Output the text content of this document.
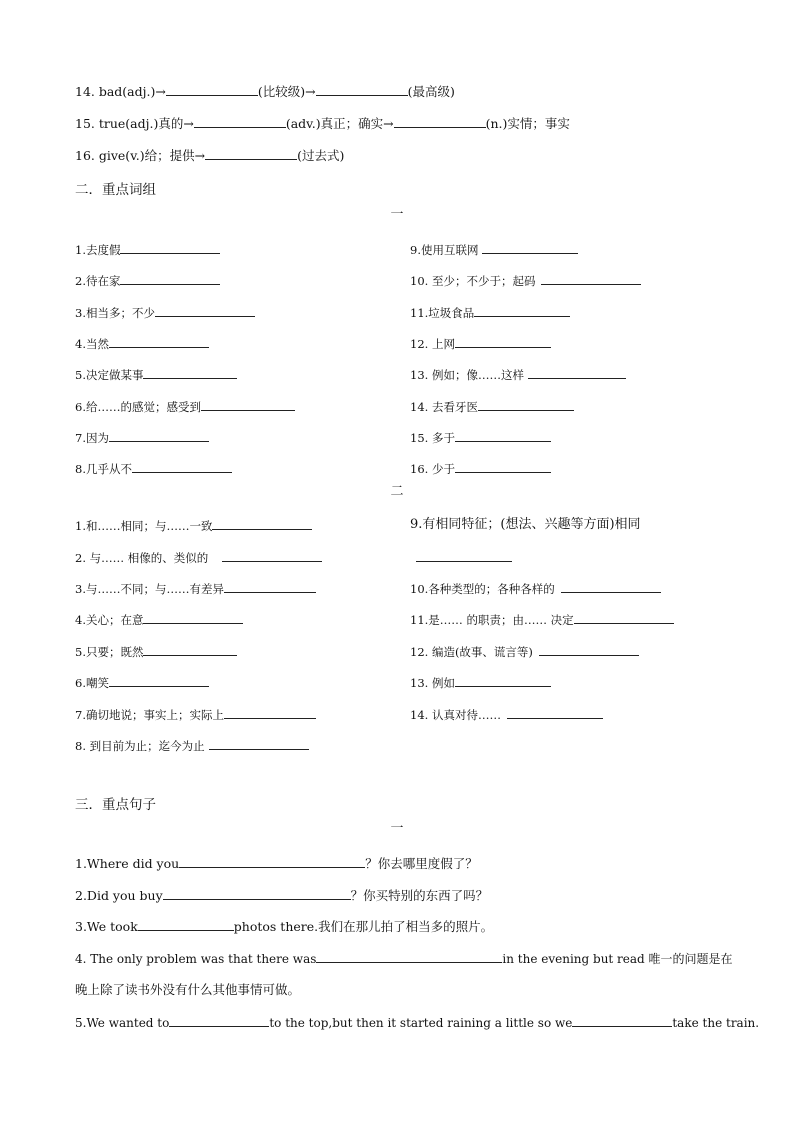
14. bad(adj.)→	(比较级)→	(最高级)
15. true(adj.)真的→	(adv.)真正；确实→	(n.)实情；事实
16. give(v.)给；提供→	(过去式)
二．重点词组
一
1.去度假
2.待在家
3.相当多；不少
4.当然
5.决定做某事
6.给……的感觉；感受到
7.因为
8.几乎从不
9.使用互联网
10. 至少；不少于；起码
11.垃圾食品
12. 上网
13. 例如；像……这样
14. 去看牙医
15. 多于
16. 少于
二
1.和……相同；与……一致
2. 与…… 相像的、类似的
3.与……不同；与……有差异
4.关心；在意
5.只要；既然
6.嘲笑
7.确切地说；事实上；实际上
8. 到目前为止；迄今为止
9.有相同特征；(想法、兴趣等方面)相同
10.各种类型的；各种各样的
11.是…… 的职责；由…… 决定
12. 编造(故事、谎言等)
13. 例如
14. 认真对待……
三．重点句子
一
1.Where did you	？你去哪里度假了？
2.Did you buy	？你买特别的东西了吗？
3.We took	photos there.我们在那儿拍了相当多的照片。
4. The only problem was that there was	in the evening but read 唯一的问题是在
晚上除了读书外没有什么其他事情可做。
5.We wanted to	to the top,but then it started raining a little so we	take the train.
